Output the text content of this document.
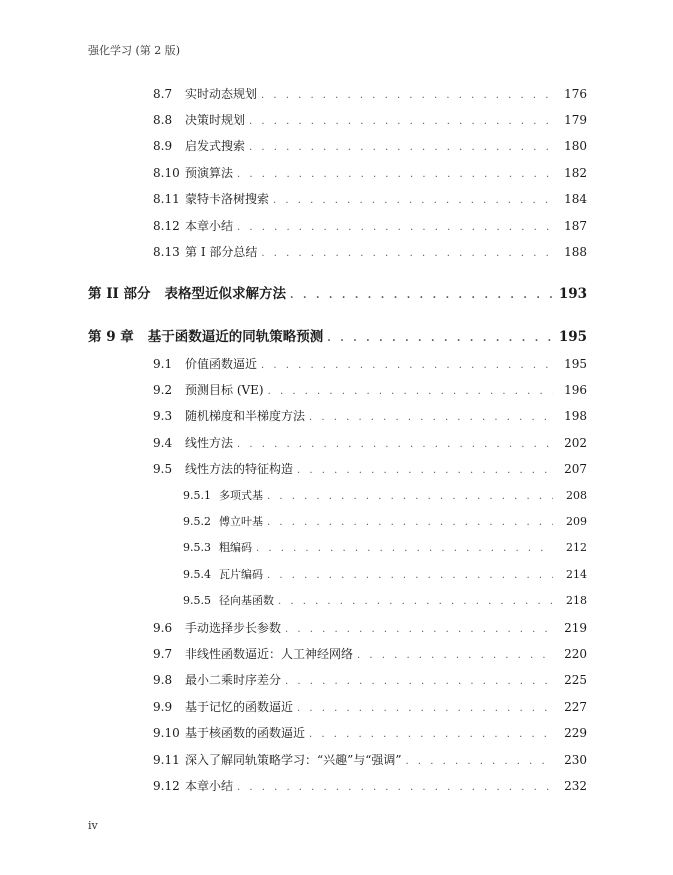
强化学习 (第 2 版)
8.7	实时动态规划 . . .	176
8.8	决策时规划 . . .	179
8.9	启发式搜索 . . .	180
8.10 预演算法 . . .	182
8.11 蒙特卡洛树搜索 . . .	184
8.12 本章小结 . . .	187
8.13 第 I 部分总结 . . .	188
第 II 部分	表格型近似求解方法 . . .	193
第 9 章	基于函数逼近的同轨策略预测 . . .	195
9.1	价值函数逼近 . . .	195
9.2	预测目标 (VE) . . .	196
9.3	随机梯度和半梯度方法 . . .	198
9.4	线性方法 . . .	202
9.5	线性方法的特征构造 . . .	207
9.5.1 多项式基 . . .	208
9.5.2 傅立叶基 . . .	209
9.5.3 粗编码 . . .	212
9.5.4 瓦片编码 . . .	214
9.5.5 径向基函数 . . .	218
9.6	手动选择步长参数 . . .	219
9.7	非线性函数逼近：人工神经网络 . . .	220
9.8	最小二乘时序差分 . . .	225
9.9	基于记忆的函数逼近 . . .	227
9.10 基于核函数的函数逼近 . . .	229
9.11 深入了解同轨策略学习：“兴趣”与“强调” . . .	230
9.12 本章小结 . . .	232
iv
